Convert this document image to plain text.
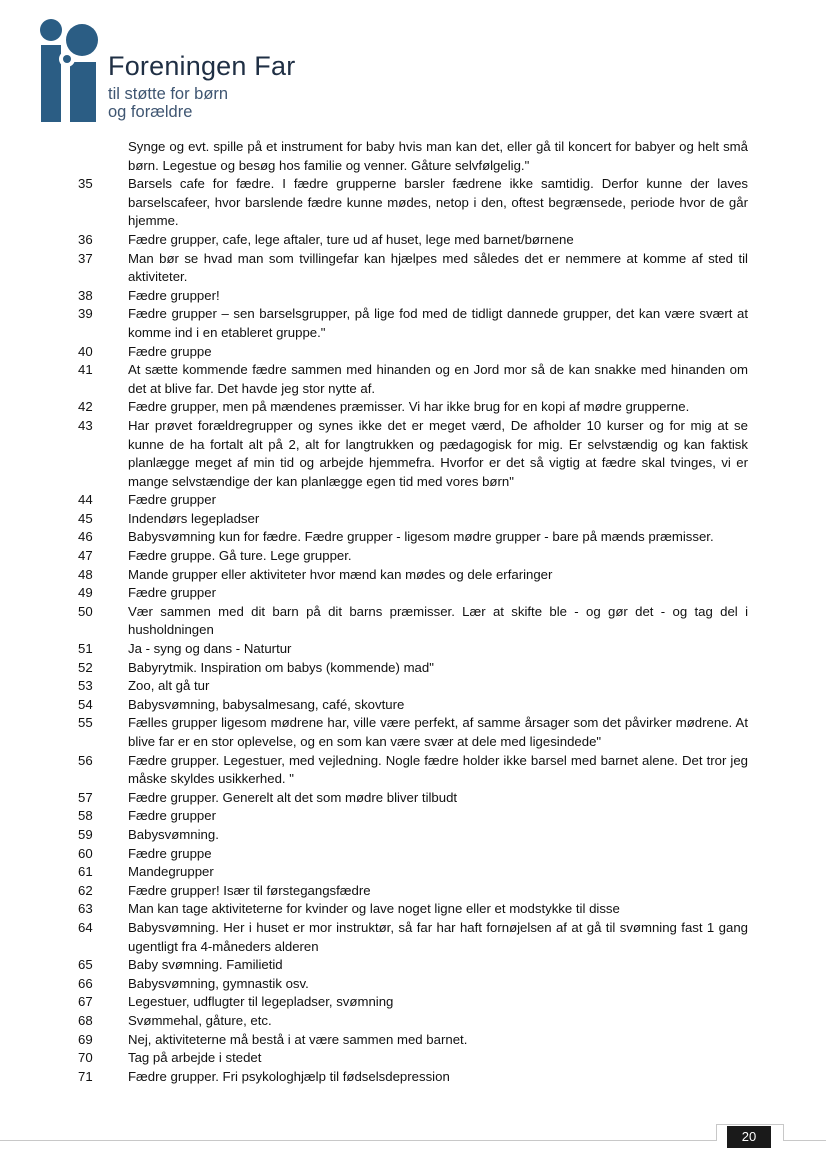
Foreningen Far
til støtte for børn
og forældre
Synge og evt. spille på et instrument for baby hvis man kan det, eller gå til koncert for babyer og helt små børn. Legestue og besøg hos familie og venner. Gåture selvfølgelig."
35	Barsels cafe for fædre. I fædre grupperne barsler fædrene ikke samtidig. Derfor kunne der laves barselscafeer, hvor barslende fædre kunne mødes, netop i den, oftest begrænsede, periode hvor de går hjemme.
36	Fædre grupper, cafe, lege aftaler, ture ud af huset, lege med barnet/børnene
37	Man bør se hvad man som tvillingefar kan hjælpes med således det er nemmere at komme af sted til aktiviteter.
38	Fædre grupper!
39	Fædre grupper – sen barselsgrupper, på lige fod med de tidligt dannede grupper, det kan være svært at komme ind i en etableret gruppe."
40	Fædre gruppe
41	At sætte kommende fædre sammen med hinanden og en Jord mor så de kan snakke med hinanden om det at blive far. Det havde jeg stor nytte af.
42	Fædre grupper, men på mændenes præmisser. Vi har ikke brug for en kopi af mødre grupperne.
43	Har prøvet forældregrupper og synes ikke det er meget værd, De afholder 10 kurser og for mig at se kunne de ha fortalt alt på 2, alt for langtrukken og pædagogisk for mig. Er selvstændig og kan faktisk planlægge meget af min tid og arbejde hjemmefra. Hvorfor er det så vigtig at fædre skal tvinges, vi er mange selvstændige der kan planlægge egen tid med vores børn"
44	Fædre grupper
45	Indendørs legepladser
46	Babysvømning kun for fædre. Fædre grupper - ligesom mødre grupper - bare på mænds præmisser.
47	Fædre gruppe. Gå ture. Lege grupper.
48	Mande grupper eller aktiviteter hvor mænd kan mødes og dele erfaringer
49	Fædre grupper
50	Vær sammen med dit barn på dit barns præmisser. Lær at skifte ble - og gør det - og tag del i husholdningen
51	Ja - syng og dans - Naturtur
52	Babyrytmik. Inspiration om babys (kommende) mad"
53	Zoo, alt gå tur
54	Babysvømning, babysalmesang, café, skovture
55	Fælles grupper ligesom mødrene har, ville være perfekt, af samme årsager som det påvirker mødrene. At blive far er en stor oplevelse, og en som kan være svær at dele med ligesindede"
56	Fædre grupper. Legestuer, med vejledning. Nogle fædre holder ikke barsel med barnet alene. Det tror jeg måske skyldes usikkerhed. "
57	Fædre grupper. Generelt alt det som mødre bliver tilbudt
58	Fædre grupper
59	Babysvømning.
60	Fædre gruppe
61	Mandegrupper
62	Fædre grupper! Især til førstegangsfædre
63	Man kan tage aktiviteterne for kvinder og lave noget ligne eller et modstykke til disse
64	Babysvømning. Her i huset er mor instruktør, så far har haft fornøjelsen af at gå til svømning fast 1 gang ugentligt fra 4-måneders alderen
65	Baby svømning. Familietid
66	Babysvømning, gymnastik osv.
67	Legestuer, udflugter til legepladser, svømning
68	Svømmehal, gåture, etc.
69	Nej, aktiviteterne må bestå i at være sammen med barnet.
70	Tag på arbejde i stedet
71	Fædre grupper. Fri psykologhjælp til fødselsdepression
20
